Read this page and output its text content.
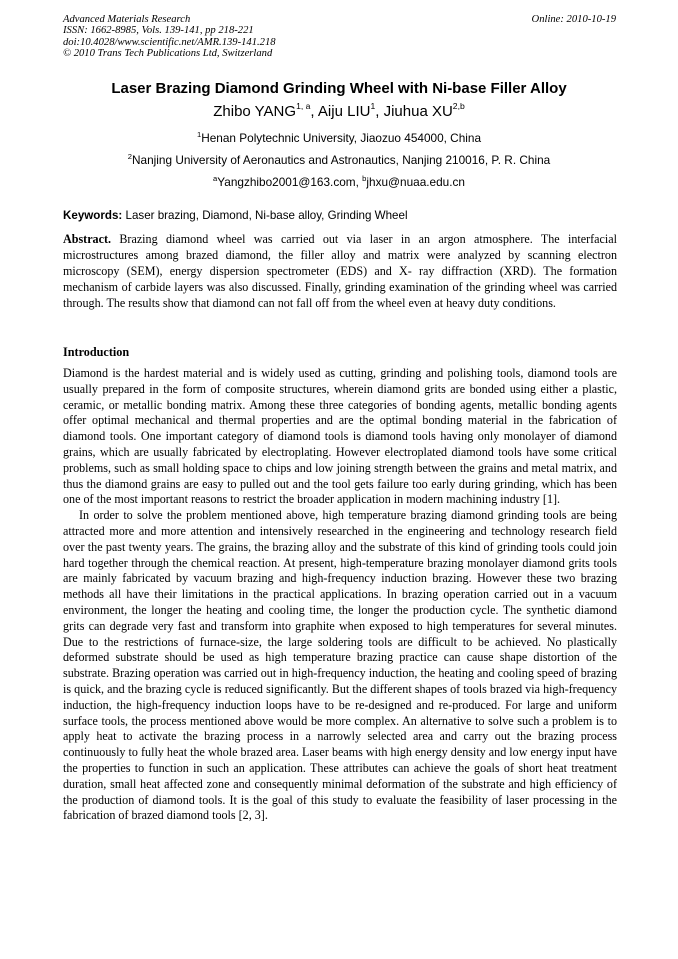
Advanced Materials Research
ISSN: 1662-8985, Vols. 139-141, pp 218-221
doi:10.4028/www.scientific.net/AMR.139-141.218
© 2010 Trans Tech Publications Ltd, Switzerland
Online: 2010-10-19
Laser Brazing Diamond Grinding Wheel with Ni-base Filler Alloy
Zhibo YANG$^{1, a}$, Aiju LIU$^1$, Jiuhua XU$^{2,b}$
$^1$Henan Polytechnic University, Jiaozuo 454000, China
$^2$Nanjing University of Aeronautics and Astronautics, Nanjing 210016, P. R. China
$^a$Yangzhibo2001@163.com, $^b$jhxu@nuaa.edu.cn
Keywords: Laser brazing, Diamond, Ni-base alloy, Grinding Wheel

Abstract. Brazing diamond wheel was carried out via laser in an argon atmosphere. The interfacial microstructures among brazed diamond, the filler alloy and matrix were analyzed by scanning electron microscopy (SEM), energy dispersion spectrometer (EDS) and X- ray diffraction (XRD). The formation mechanism of carbide layers was also discussed. Finally, grinding examination of the grinding wheel was carried through. The results show that diamond can not fall off from the wheel even at heavy duty conditions.

Introduction

Diamond is the hardest material and is widely used as cutting, grinding and polishing tools, diamond tools are usually prepared in the form of composite structures, wherein diamond grits are bonded using either a plastic, ceramic, or metallic bonding matrix. Among these three categories of bonding agents, metallic bonding agents offer optimal mechanical and thermal properties and are the optimal bonding material in the fabrication of diamond tools. One important category of diamond tools is diamond tools having only monolayer of diamond grains, which are usually fabricated by electroplating. However electroplated diamond tools have some critical problems, such as small holding space to chips and low joining strength between the grains and metal matrix, and thus the diamond grains are easy to pulled out and the tool gets failure too early during grinding, which has been one of the most important reasons to restrict the broader application in modern machining industry [1].

In order to solve the problem mentioned above, high temperature brazing diamond grinding tools are being attracted more and more attention and intensively researched in the engineering and technology research field over the past twenty years. The grains, the brazing alloy and the substrate of this kind of grinding tools could join hard together through the chemical reaction. At present, high-temperature brazing monolayer diamond grits tools are mainly fabricated by vacuum brazing and high-frequency induction brazing. However these two brazing methods all have their limitations in the practical applications. In brazing operation carried out in a vacuum environment, the longer the heating and cooling time, the longer the production cycle. The synthetic diamond grits can degrade very fast and transform into graphite when exposed to high temperatures for several minutes. Due to the restrictions of furnace-size, the large soldering tools are difficult to be achieved. No plastically deformed substrate should be used as high temperature brazing practice can cause shape distortion of the substrate. Brazing operation was carried out in high-frequency induction, the heating and cooling speed of brazing is quick, and the brazing cycle is reduced significantly. But the different shapes of tools brazed via high-frequency induction, the high-frequency induction loops have to be re-designed and re-produced. For large and uniform surface tools, the process mentioned above would be more complex. An alternative to solve such a problem is to apply heat to activate the brazing process in a narrowly selected area and carry out the brazing process continuously to fully heat the whole brazed area. Laser beams with high energy density and low energy input have the properties to function in such an application. These attributes can achieve the goals of short heat treatment duration, small heat affected zone and consequently minimal deformation of the substrate and high efficiency of the production of diamond tools. It is the goal of this study to evaluate the feasibility of laser processing in the fabrication of brazed diamond tools [2, 3].
